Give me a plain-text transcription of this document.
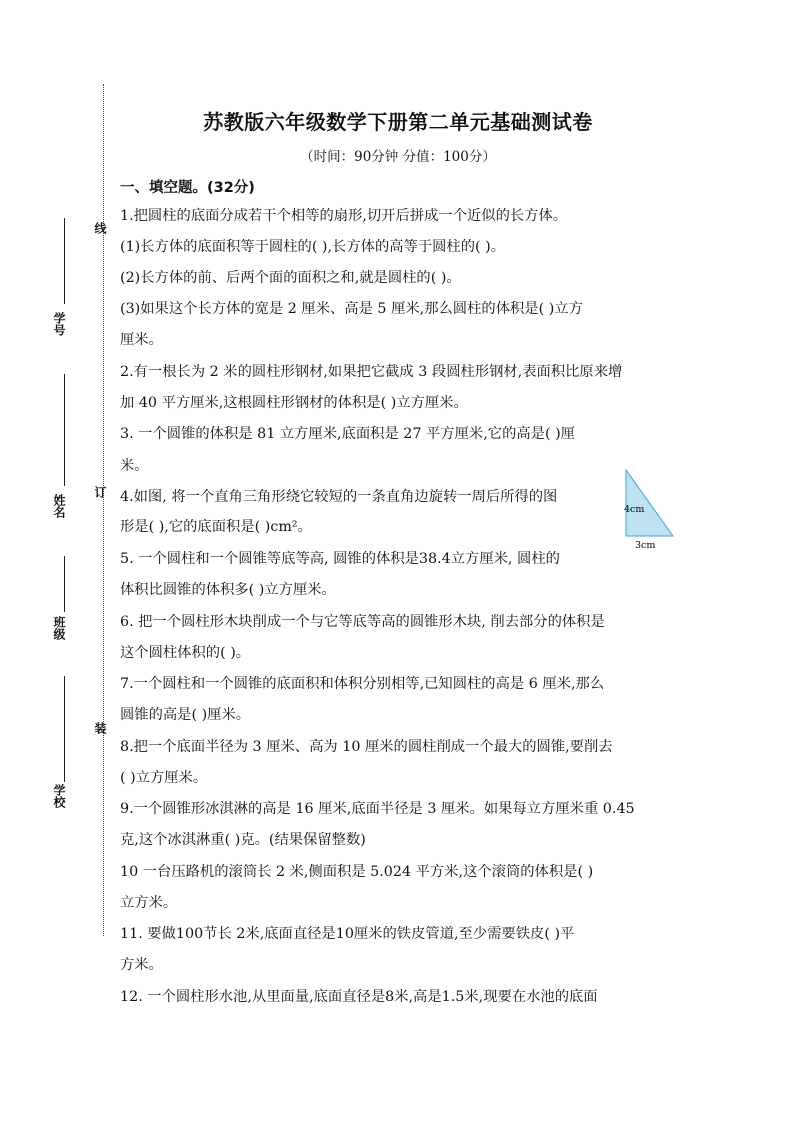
学号
姓名
班级
学校
线
订
装
苏教版六年级数学下册第二单元基础测试卷
（时间：90分钟 分值：100分）
一、填空题。(32分)
1.把圆柱的底面分成若干个相等的扇形,切开后拼成一个近似的长方体。
(1)长方体的底面积等于圆柱的( ),长方体的高等于圆柱的( )。
(2)长方体的前、后两个面的面积之和,就是圆柱的( )。
(3)如果这个长方体的宽是 2 厘米、高是 5 厘米,那么圆柱的体积是( )立方
厘米。
2.有一根长为 2 米的圆柱形钢材,如果把它截成 3 段圆柱形钢材,表面积比原来增
加 40 平方厘米,这根圆柱形钢材的体积是( )立方厘米。
3. 一个圆锥的体积是 81 立方厘米,底面积是 27 平方厘米,它的高是( )厘
米。
4.如图, 将一个直角三角形绕它较短的一条直角边旋转一周后所得的图
形是( ),它的底面积是( )cm²。
5. 一个圆柱和一个圆锥等底等高, 圆锥的体积是38.4立方厘米, 圆柱的
体积比圆锥的体积多( )立方厘米。
6. 把一个圆柱形木块削成一个与它等底等高的圆锥形木块, 削去部分的体积是
这个圆柱体积的( )。
7.一个圆柱和一个圆锥的底面积和体积分别相等,已知圆柱的高是 6 厘米,那么
圆锥的高是( )厘米。
8.把一个底面半径为 3 厘米、高为 10 厘米的圆柱削成一个最大的圆锥,要削去
( )立方厘米。
9.一个圆锥形冰淇淋的高是 16 厘米,底面半径是 3 厘米。如果每立方厘米重 0.45
克,这个冰淇淋重( )克。(结果保留整数)
10 一台压路机的滚筒长 2 米,侧面积是 5.024 平方米,这个滚筒的体积是( )
立方米。
11. 要做100节长 2米,底面直径是10厘米的铁皮管道,至少需要铁皮( )平
方米。
12. 一个圆柱形水池,从里面量,底面直径是8米,高是1.5米,现要在水池的底面
4cm
3cm
